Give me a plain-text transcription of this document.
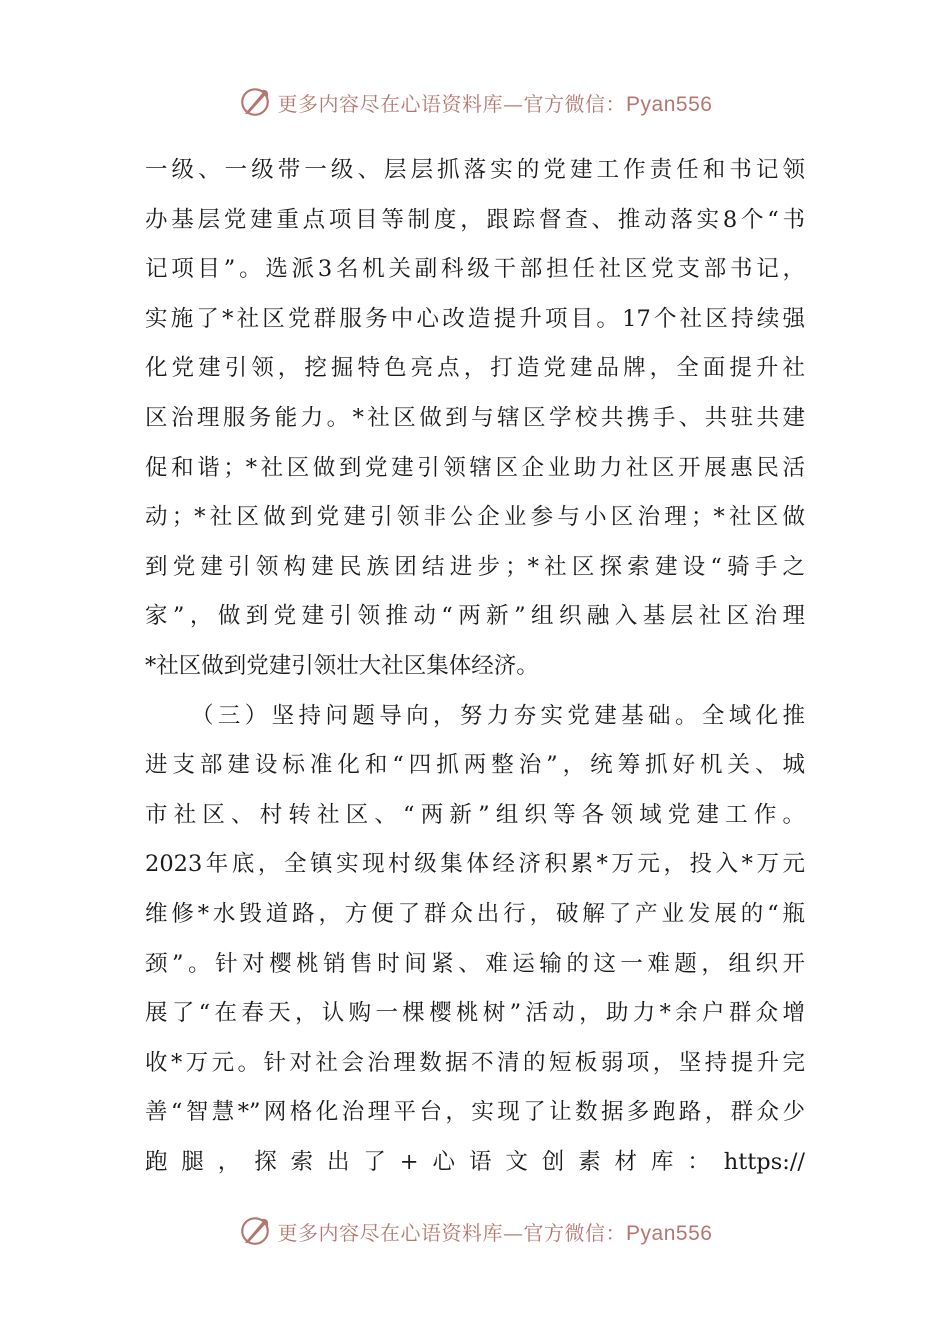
更多内容尽在心语资料库—官方微信：Pyan556
一级、一级带一级、层层抓落实的党建工作责任和书记领
办基层党建重点项目等制度，跟踪督查、推动落实8个“书
记项目”。选派3名机关副科级干部担任社区党支部书记，
实施了*社区党群服务中心改造提升项目。17个社区持续强
化党建引领，挖掘特色亮点，打造党建品牌，全面提升社
区治理服务能力。*社区做到与辖区学校共携手、共驻共建
促和谐；*社区做到党建引领辖区企业助力社区开展惠民活
动；*社区做到党建引领非公企业参与小区治理；*社区做
到党建引领构建民族团结进步；*社区探索建设“骑手之
家”，做到党建引领推动“两新”组织融入基层社区治理
*社区做到党建引领壮大社区集体经济。
（三）坚持问题导向，努力夯实党建基础。全域化推
进支部建设标准化和“四抓两整治”，统筹抓好机关、城
市社区、村转社区、“两新”组织等各领域党建工作。
2023年底，全镇实现村级集体经济积累*万元，投入*万元
维修*水毁道路，方便了群众出行，破解了产业发展的“瓶
颈”。针对樱桃销售时间紧、难运输的这一难题，组织开
展了“在春天，认购一棵樱桃树”活动，助力*余户群众增
收*万元。针对社会治理数据不清的短板弱项，坚持提升完
善“智慧*”网格化治理平台，实现了让数据多跑路，群众少
跑腿，探索出了+心语文创素材库：https://
更多内容尽在心语资料库—官方微信：Pyan556
